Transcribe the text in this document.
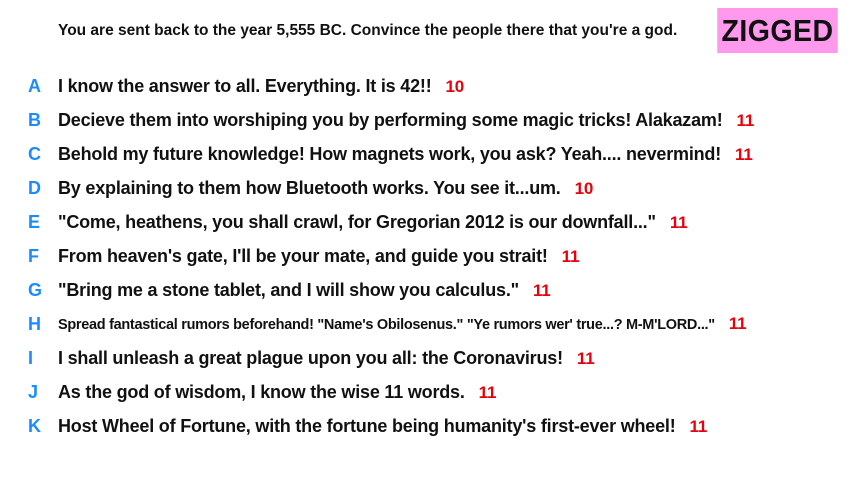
You are sent back to the year 5,555 BC. Convince the people there that you're a god. ZIGGED
A I know the answer to all. Everything. It is 42!! 10
B Decieve them into worshiping you by performing some magic tricks! Alakazam! 11
C Behold my future knowledge! How magnets work, you ask? Yeah.... nevermind! 11
D By explaining to them how Bluetooth works. You see it...um. 10
E "Come, heathens, you shall crawl, for Gregorian 2012 is our downfall..." 11
F	From heaven's gate, I'll be your mate, and guide you strait! 11
G "Bring me a stone tablet, and I will show you calculus." 11
H	Spread fantastical rumors beforehand! "Name's Obilosenus." "Ye rumors wer' true...? M-M'LORD..." 11
I	I shall unleash a great plague upon you all: the Coronavirus! 11
J	As the god of wisdom, I know the wise 11 words. 11
K Host Wheel of Fortune, with the fortune being humanity's first-ever wheel! 11
